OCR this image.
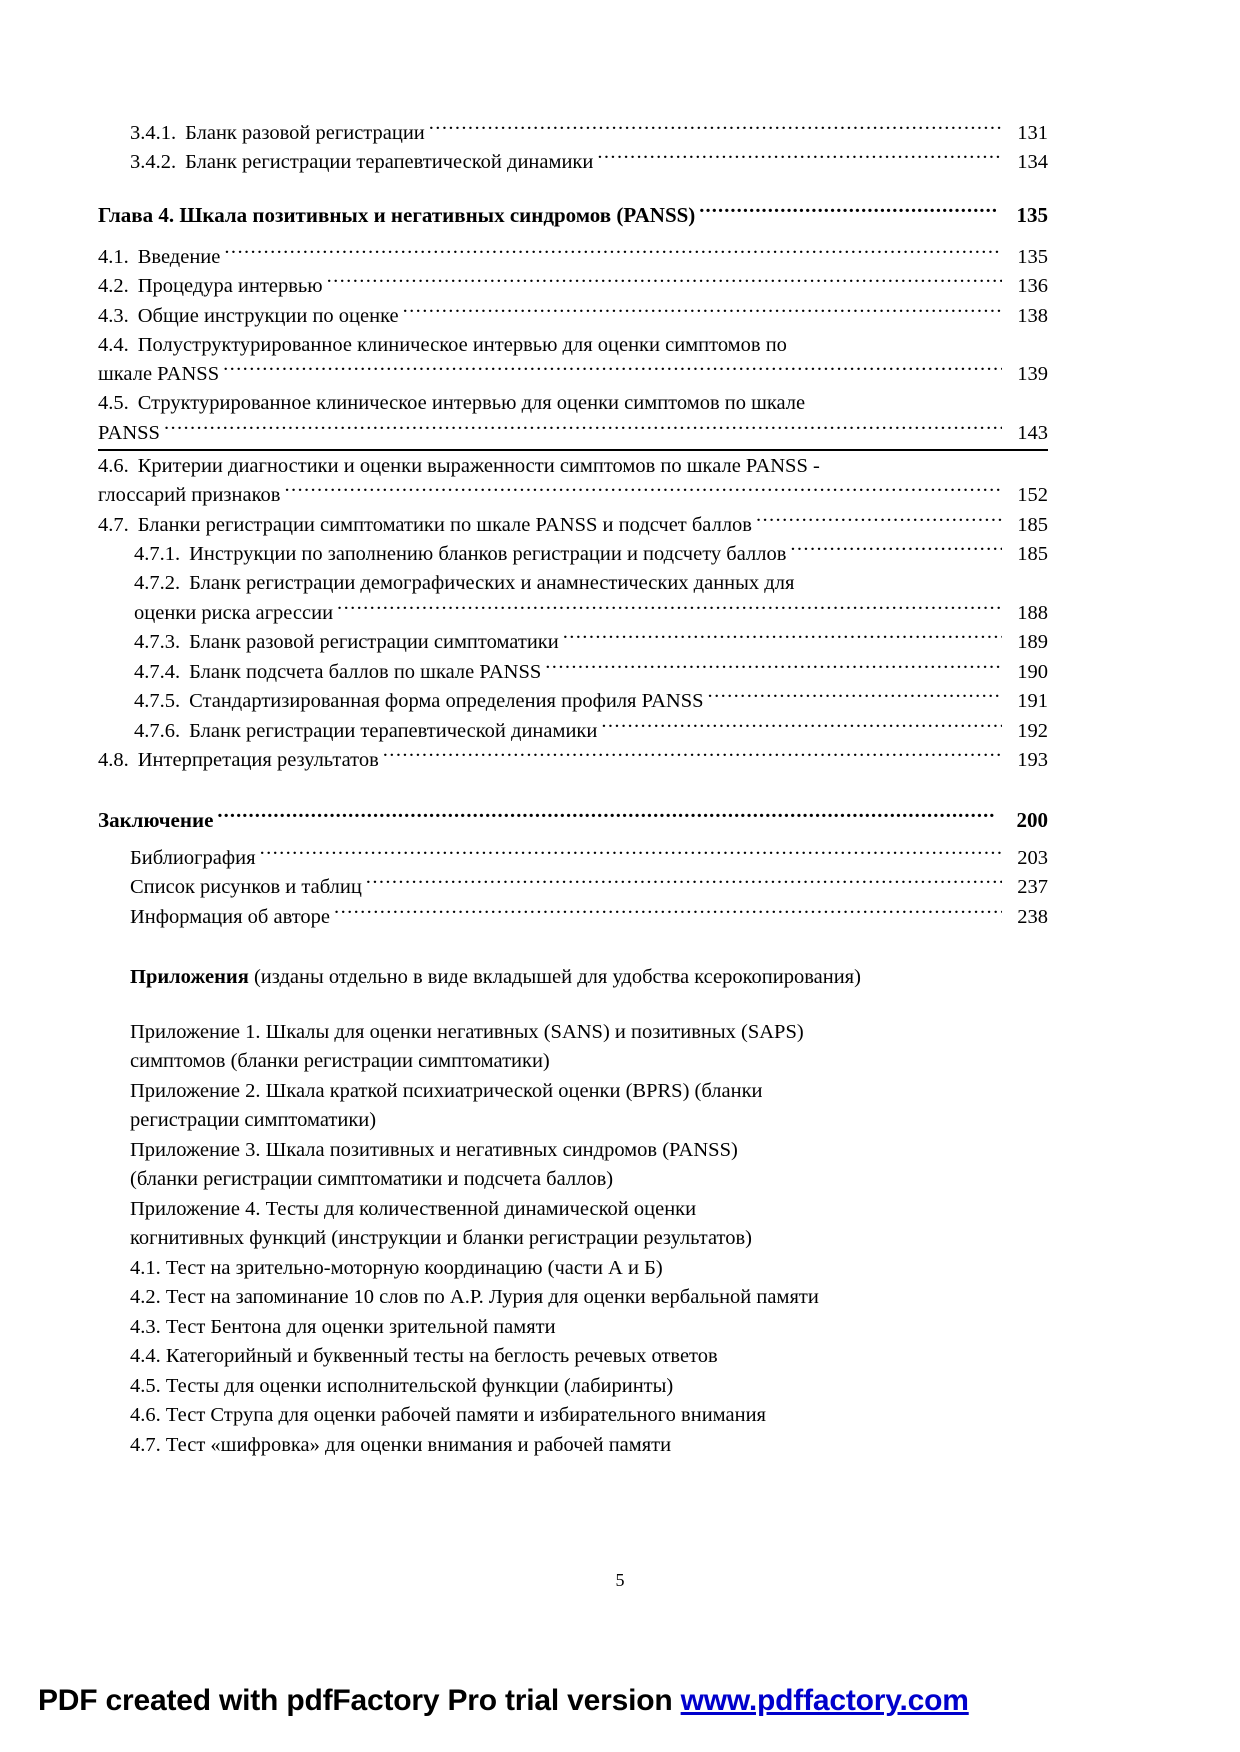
3.4.1. Бланк разовой регистрации .....	131
3.4.2. Бланк регистрации терапевтической динамики .....	134
Глава 4. Шкала позитивных и негативных синдромов (PANSS) .....	135
4.1. Введение .....	135
4.2. Процедура интервью .....	136
4.3. Общие инструкции по оценке .....	138
4.4. Полуструктурированное клиническое интервью для оценки симптомов по
шкале PANSS .....	139
4.5. Структурированное клиническое интервью для оценки симптомов по шкале
PANSS .....	143
4.6. Критерии диагностики и оценки выраженности симптомов по шкале PANSS -
глоссарий признаков .....	152
4.7. Бланки регистрации симптоматики по шкале PANSS и подсчет баллов .....	185
4.7.1. Инструкции по заполнению бланков регистрации и подсчету баллов .....	185
4.7.2. Бланк регистрации демографических и анамнестических данных для
оценки риска агрессии .....	188
4.7.3. Бланк разовой регистрации симптоматики .....	189
4.7.4. Бланк подсчета баллов по шкале PANSS .....	190
4.7.5. Стандартизированная форма определения профиля PANSS .....	191
4.7.6. Бланк регистрации терапевтической динамики .....	192
4.8. Интерпретация результатов .....	193
Заключение .....	200
Библиография .....	203
Список рисунков и таблиц .....	237
Информация об авторе .....	238
Приложения (изданы отдельно в виде вкладышей для удобства ксерокопирования)
Приложение 1. Шкалы для оценки негативных (SANS) и позитивных (SAPS)
симптомов (бланки регистрации симптоматики)
Приложение 2. Шкала краткой психиатрической оценки (BPRS) (бланки
регистрации симптоматики)
Приложение 3. Шкала позитивных и негативных синдромов (PANSS)
(бланки регистрации симптоматики и подсчета баллов)
Приложение 4. Тесты для количественной динамической оценки
когнитивных функций (инструкции и бланки регистрации результатов)
4.1. Тест на зрительно-моторную координацию (части А и Б)
4.2. Тест на запоминание 10 слов по А.Р. Лурия для оценки вербальной памяти
4.3. Тест Бентона для оценки зрительной памяти
4.4. Категорийный и буквенный тесты на беглость речевых ответов
4.5. Тесты для оценки исполнительской функции (лабиринты)
4.6. Тест Струпа для оценки рабочей памяти и избирательного внимания
4.7. Тест «шифровка» для оценки внимания и рабочей памяти
5
PDF created with pdfFactory Pro trial version www.pdffactory.com
